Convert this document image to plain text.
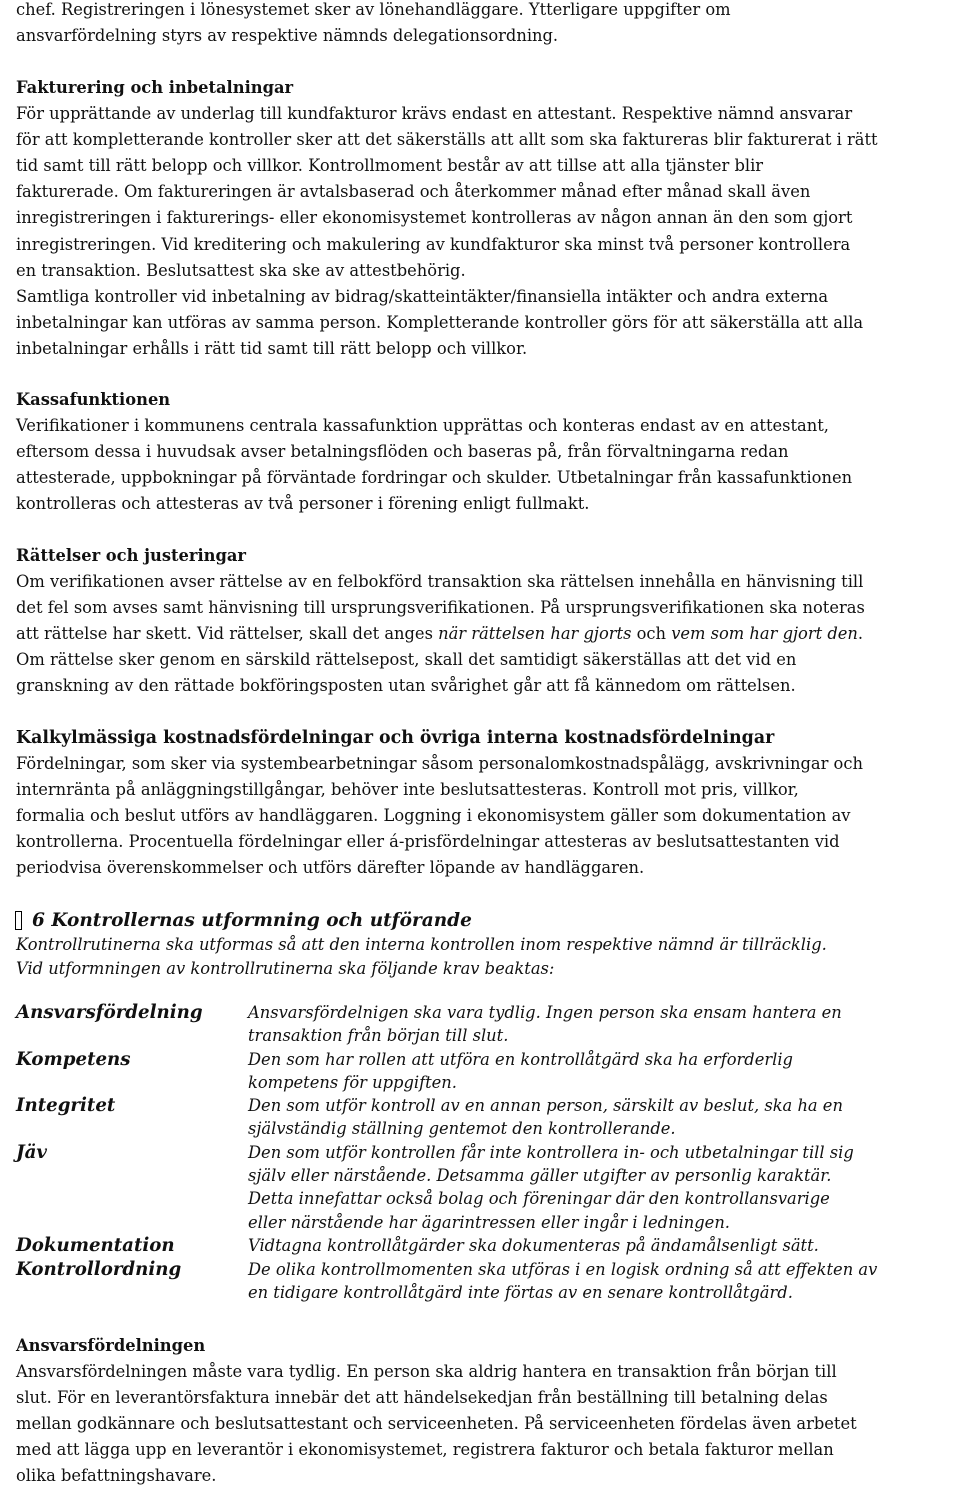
chef. Registreringen i lönesystemet sker av lönehandläggare. Ytterligare uppgifter om
ansvarfördelning styrs av respektive nämnds delegationsordning.
Fakturering och inbetalningar
För upprättande av underlag till kundfakturor krävs endast en attestant. Respektive nämnd ansvarar
för att kompletterande kontroller sker att det säkerställs att allt som ska faktureras blir fakturerat i rätt
tid samt till rätt belopp och villkor. Kontrollmoment består av att tillse att alla tjänster blir
fakturerade. Om faktureringen är avtalsbaserad och återkommer månad efter månad skall även
inregistreringen i fakturerings- eller ekonomisystemet kontrolleras av någon annan än den som gjort
inregistreringen. Vid kreditering och makulering av kundfakturor ska minst två personer kontrollera
en transaktion. Beslutsattest ska ske av attestbehörig.
Samtliga kontroller vid inbetalning av bidrag/skatteintäkter/finansiella intäkter och andra externa
inbetalningar kan utföras av samma person. Kompletterande kontroller görs för att säkerställa att alla
inbetalningar erhålls i rätt tid samt till rätt belopp och villkor.
Kassafunktionen
Verifikationer i kommunens centrala kassafunktion upprättas och konteras endast av en attestant,
eftersom dessa i huvudsak avser betalningsflöden och baseras på, från förvaltningarna redan
attesterade, uppbokningar på förväntade fordringar och skulder. Utbetalningar från kassafunktionen
kontrolleras och attesteras av två personer i förening enligt fullmakt.
Rättelser och justeringar
Om verifikationen avser rättelse av en felbokförd transaktion ska rättelsen innehålla en hänvisning till
det fel som avses samt hänvisning till ursprungsverifikationen. På ursprungsverifikationen ska noteras
att rättelse har skett. Vid rättelser, skall det anges när rättelsen har gjorts och vem som har gjort den.
Om rättelse sker genom en särskild rättelsepost, skall det samtidigt säkerställas att det vid en
granskning av den rättade bokföringsposten utan svårighet går att få kännedom om rättelsen.
Kalkylmässiga kostnadsfördelningar och övriga interna kostnadsfördelningar
Fördelningar, som sker via systembearbetningar såsom personalomkostnadspålägg, avskrivningar och
internränta på anläggningstillgångar, behöver inte beslutsattesteras. Kontroll mot pris, villkor,
formalia och beslut utförs av handläggaren. Loggning i ekonomisystem gäller som dokumentation av
kontrollerna. Procentuella fördelningar eller á-prisfördelningar attesteras av beslutsattestanten vid
periodvisa överenskommelser och utförs därefter löpande av handläggaren.
6 Kontrollernas utformning och utförande
Kontrollrutinerna ska utformas så att den interna kontrollen inom respektive nämnd är tillräcklig.
Vid utformningen av kontrollrutinerna ska följande krav beaktas:
Ansvarsfördelning	Ansvarsfördelnigen ska vara tydlig. Ingen person ska ensam hantera en
transaktion från början till slut.

Kompetens	Den som har rollen att utföra en kontrollåtgärd ska ha erforderlig
kompetens för uppgiften.

Integritet	Den som utför kontroll av en annan person, särskilt av beslut, ska ha en
självständig ställning gentemot den kontrollerande.

Jäv	Den som utför kontrollen får inte kontrollera in- och utbetalningar till sig
själv eller närstående. Detsamma gäller utgifter av personlig karaktär.
Detta innefattar också bolag och föreningar där den kontrollansvarige
eller närstående har ägarintressen eller ingår i ledningen.

Dokumentation	Vidtagna kontrollåtgärder ska dokumenteras på ändamålsenligt sätt.

Kontrollordning	De olika kontrollmomenten ska utföras i en logisk ordning så att effekten av
en tidigare kontrollåtgärd inte förtas av en senare kontrollåtgärd.
Ansvarsfördelningen
Ansvarsfördelningen måste vara tydlig. En person ska aldrig hantera en transaktion från början till
slut. För en leverantörsfaktura innebär det att händelsekedjan från beställning till betalning delas
mellan godkännare och beslutsattestant och serviceenheten. På serviceenheten fördelas även arbetet
med att lägga upp en leverantör i ekonomisystemet, registrera fakturor och betala fakturor mellan
olika befattningshavare.
